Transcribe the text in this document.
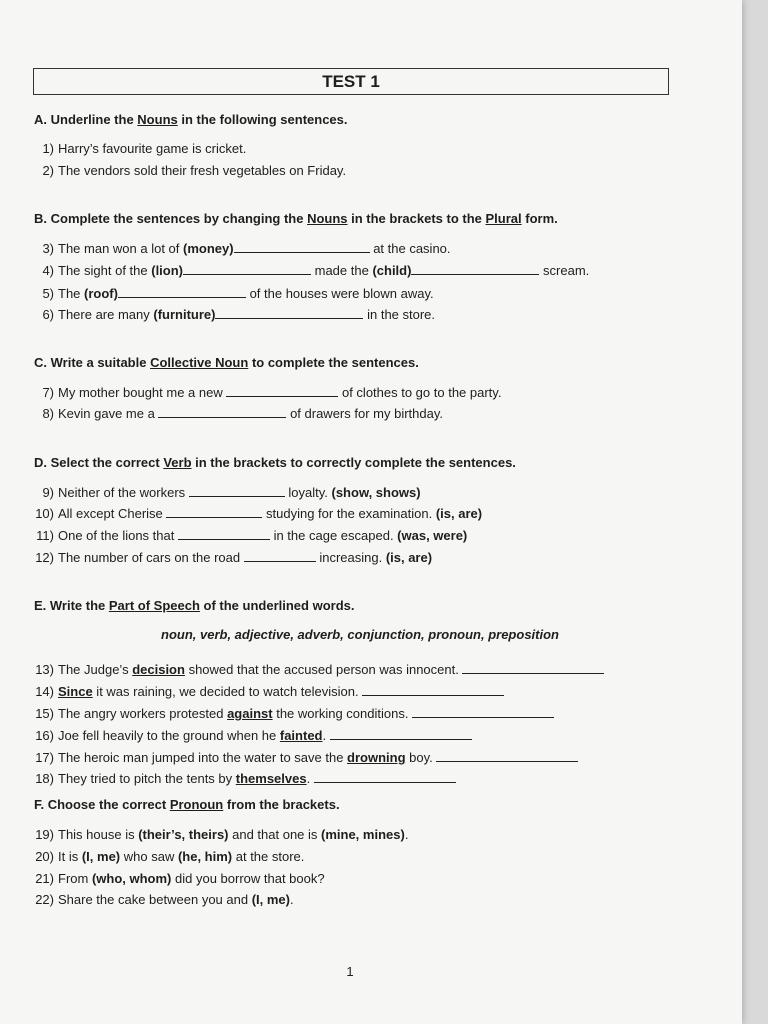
TEST 1
A. Underline the Nouns in the following sentences.
1) Harry’s favourite game is cricket.
2) The vendors sold their fresh vegetables on Friday.
B. Complete the sentences by changing the Nouns in the brackets to the Plural form.
3) The man won a lot of (money)	at the casino.
4) The sight of the (lion)	made the (child)	scream.
5) The (roof)	of the houses were blown away.
6) There are many (furniture)	in the store.
C. Write a suitable Collective Noun to complete the sentences.
7) My mother bought me a new	of clothes to go to the party.
8) Kevin gave me a	of drawers for my birthday.
D. Select the correct Verb in the brackets to correctly complete the sentences.
9) Neither of the workers	loyalty. (show, shows)
10) All except Cherise	studying for the examination. (is, are)
11) One of the lions that	in the cage escaped. (was, were)
12) The number of cars on the road	increasing. (is, are)
E. Write the Part of Speech of the underlined words.
noun, verb, adjective, adverb, conjunction, pronoun, preposition
13) The Judge’s decision showed that the accused person was innocent.
14) Since it was raining, we decided to watch television.
15) The angry workers protested against the working conditions.
16) Joe fell heavily to the ground when he fainted.
17) The heroic man jumped into the water to save the drowning boy.
18) They tried to pitch the tents by themselves.
F. Choose the correct Pronoun from the brackets.
19) This house is (their’s, theirs) and that one is (mine, mines).
20) It is (I, me) who saw (he, him) at the store.
21) From (who, whom) did you borrow that book?
22) Share the cake between you and (I, me).
1
